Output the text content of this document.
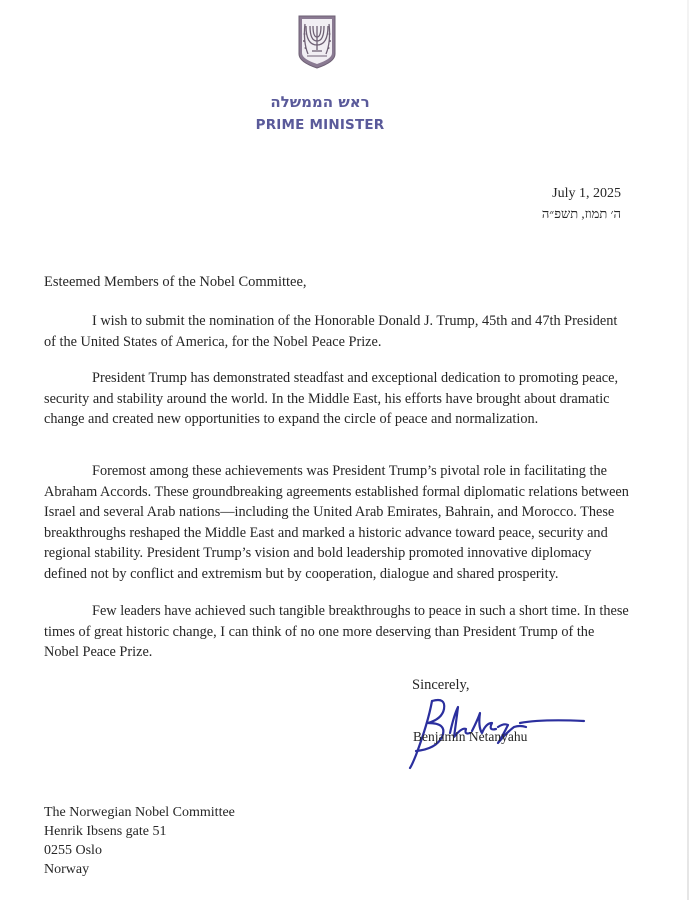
ראש הממשלה
PRIME MINISTER
July 1, 2025
ה׳ תמוז, תשפ״ה
Esteemed Members of the Nobel Committee,
I wish to submit the nomination of the Honorable Donald J. Trump, 45th and 47th President of the United States of America, for the Nobel Peace Prize.
President Trump has demonstrated steadfast and exceptional dedication to promoting peace, security and stability around the world. In the Middle East, his efforts have brought about dramatic change and created new opportunities to expand the circle of peace and normalization.
Foremost among these achievements was President Trump’s pivotal role in facilitating the Abraham Accords. These groundbreaking agreements established formal diplomatic relations between Israel and several Arab nations—including the United Arab Emirates, Bahrain, and Morocco. These breakthroughs reshaped the Middle East and marked a historic advance toward peace, security and regional stability. President Trump’s vision and bold leadership promoted innovative diplomacy defined not by conflict and extremism but by cooperation, dialogue and shared prosperity.
Few leaders have achieved such tangible breakthroughs to peace in such a short time. In these times of great historic change, I can think of no one more deserving than President Trump of the Nobel Peace Prize.
Sincerely,
Benjamin Netanyahu
The Norwegian Nobel Committee
Henrik Ibsens gate 51
0255 Oslo
Norway
